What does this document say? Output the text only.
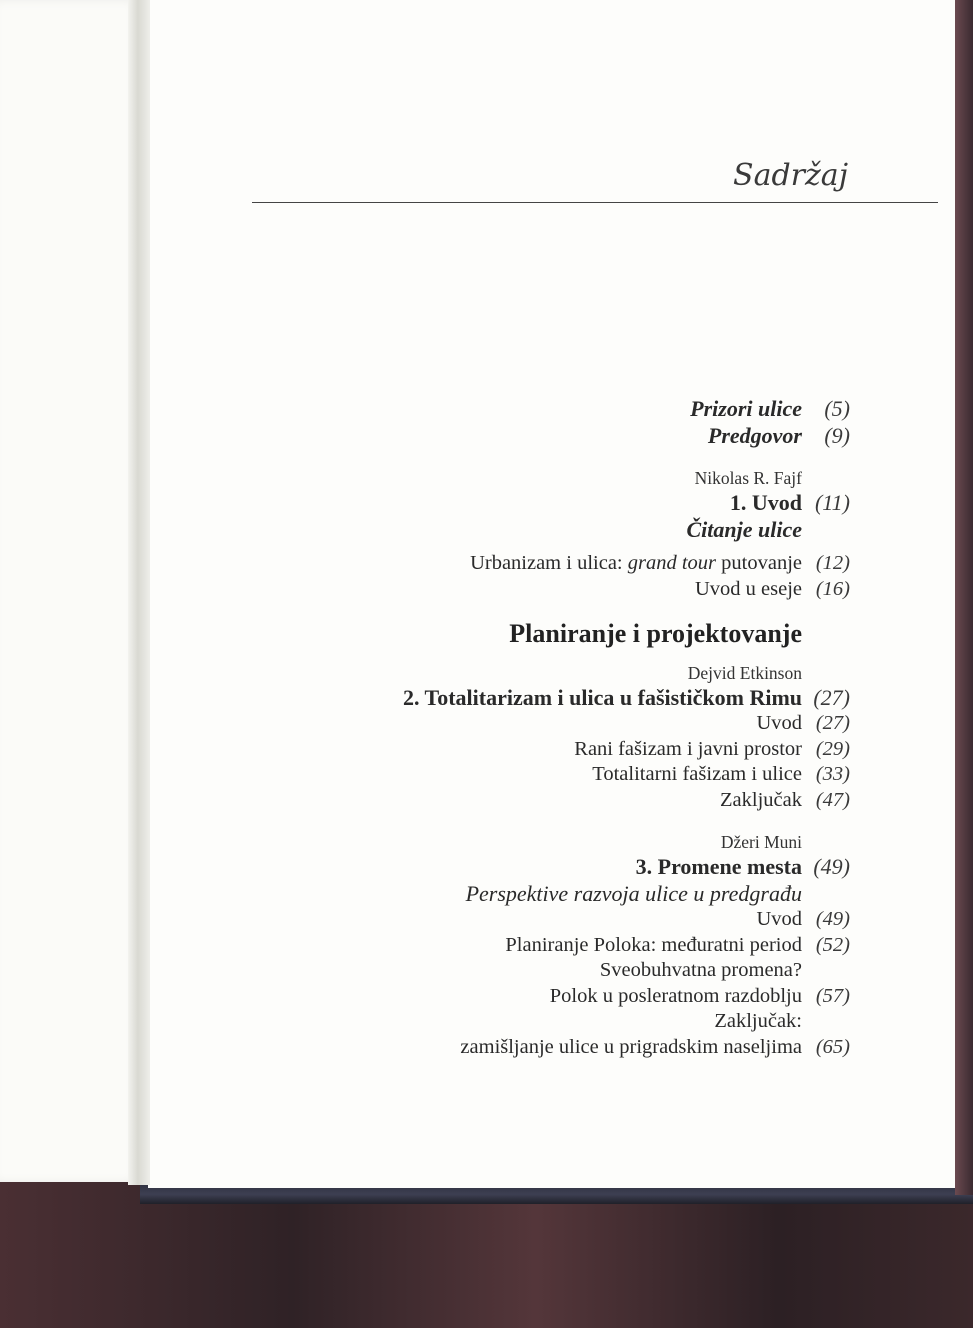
Sadržaj
Prizori ulice	(5)
Predgovor	(9)
Nikolas R. Fajf
1. Uvod (11)
Čitanje ulice
Urbanizam i ulica: grand tour putovanje (12)
Uvod u eseje (16)
Planiranje i projektovanje
Dejvid Etkinson
2. Totalitarizam i ulica u fašističkom Rimu (27)
Uvod (27)
Rani fašizam i javni prostor (29)
Totalitarni fašizam i ulice (33)
Zaključak (47)
Džeri Muni
3. Promene mesta (49)
Perspektive razvoja ulice u predgrađu
Uvod (49)
Planiranje Poloka: međuratni period (52)
Sveobuhvatna promena?
Polok u posleratnom razdoblju (57)
Zaključak:
zamišljanje ulice u prigradskim naseljima (65)
